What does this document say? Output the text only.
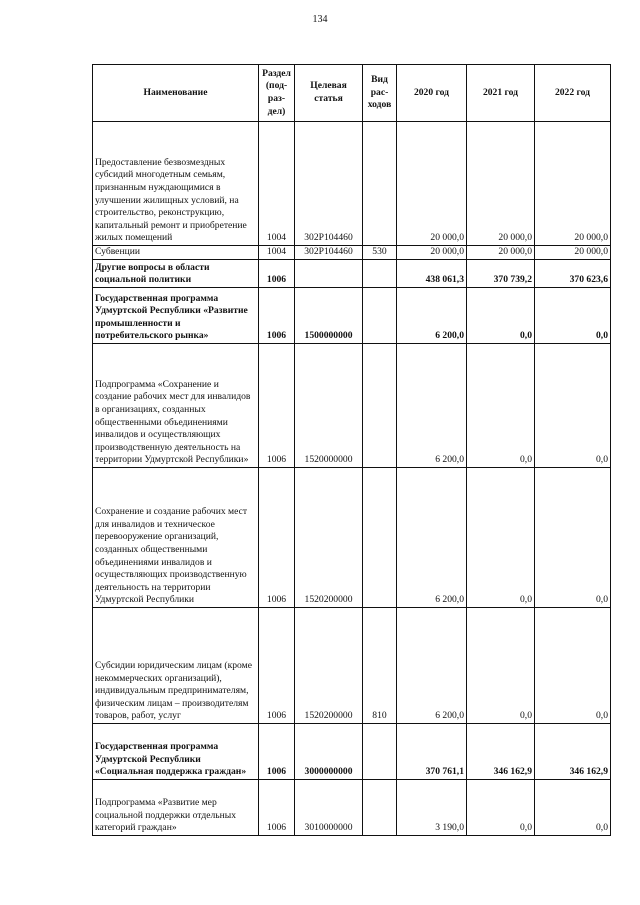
134
Наименование	Раздел (под-раз-дел)	Целевая статья	Вид рас-ходов	2020 год	2021 год	2022 год
Предоставление безвозмездных субсидий многодетным семьям, признанным нуждающимися в улучшении жилищных условий, на строительство, реконструкцию, капитальный ремонт и приобретение жилых помещений	1004	302P104460		20 000,0	20 000,0	20 000,0
Субвенции	1004	302P104460	530	20 000,0	20 000,0	20 000,0
Другие вопросы в области социальной политики	1006			438 061,3	370 739,2	370 623,6
Государственная программа Удмуртской Республики «Развитие промышленности и потребительского рынка»	1006	1500000000		6 200,0	0,0	0,0
Подпрограмма «Сохранение и создание рабочих мест для инвалидов в организациях, созданных общественными объединениями инвалидов и осуществляющих производственную деятельность на территории Удмуртской Республики»	1006	1520000000		6 200,0	0,0	0,0
Сохранение и создание рабочих мест для инвалидов и техническое перевооружение организаций, созданных общественными объединениями инвалидов и осуществляющих производственную деятельность на территории Удмуртской Республики	1006	1520200000		6 200,0	0,0	0,0
Субсидии юридическим лицам (кроме некоммерческих организаций), индивидуальным предпринимателям, физическим лицам – производителям товаров, работ, услуг	1006	1520200000	810	6 200,0	0,0	0,0
Государственная программа Удмуртской Республики «Социальная поддержка граждан»	1006	3000000000		370 761,1	346 162,9	346 162,9
Подпрограмма «Развитие мер социальной поддержки отдельных категорий граждан»	1006	3010000000		3 190,0	0,0	0,0
